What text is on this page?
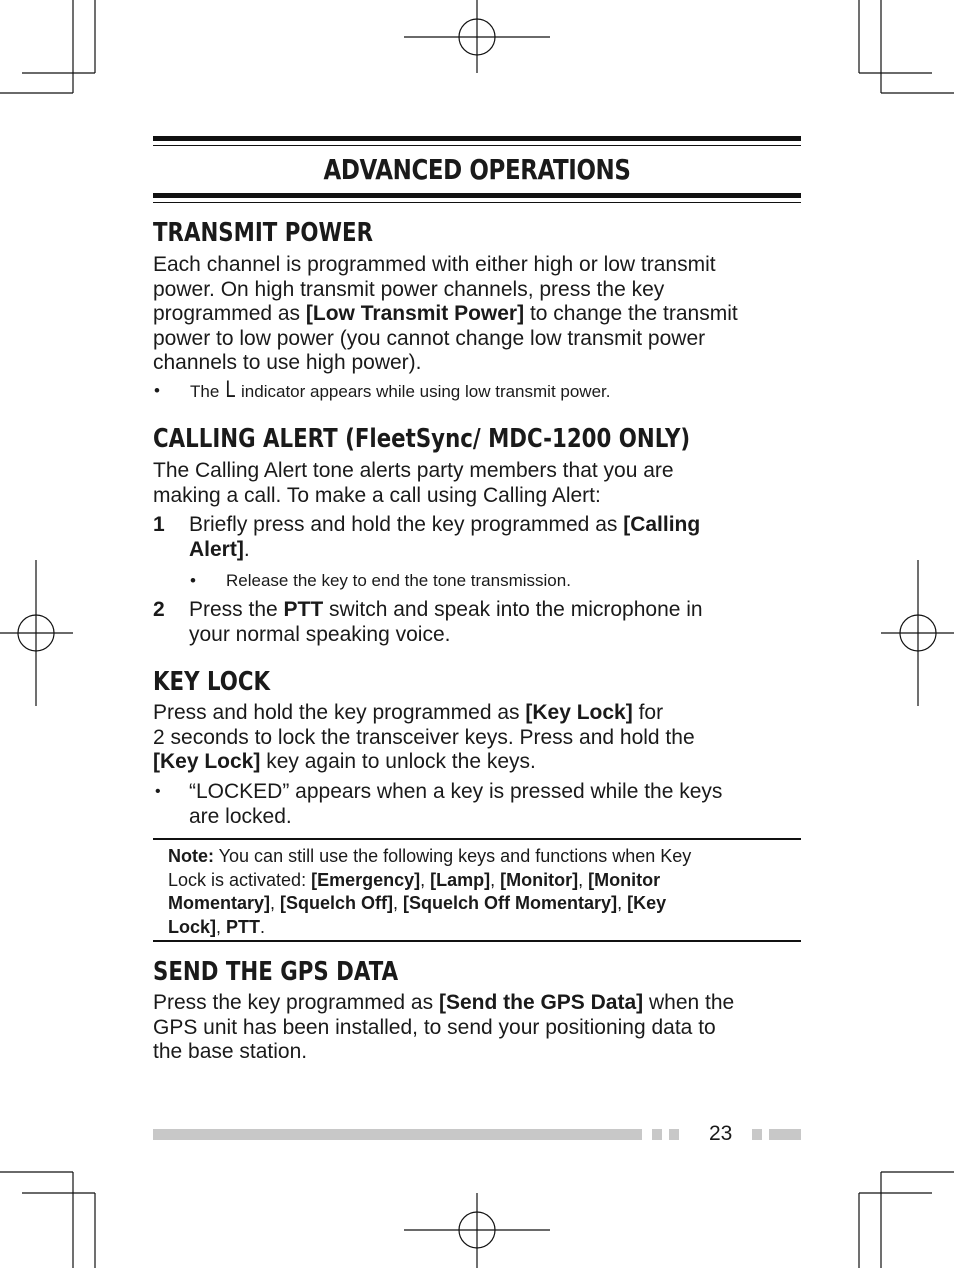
ADVANCED OPERATIONS
TRANSMIT POWER
Each channel is programmed with either high or low transmit
power. On high transmit power channels, press the key
programmed as [Low Transmit Power] to change the transmit
power to low power (you cannot change low transmit power
channels to use high power).
• The L indicator appears while using low transmit power.
CALLING ALERT (FleetSync/ MDC-1200 ONLY)
The Calling Alert tone alerts party members that you are
making a call. To make a call using Calling Alert:
1 Briefly press and hold the key programmed as [Calling
Alert].
• Release the key to end the tone transmission.
2 Press the PTT switch and speak into the microphone in
your normal speaking voice.
KEY LOCK
Press and hold the key programmed as [Key Lock] for
2 seconds to lock the transceiver keys. Press and hold the
[Key Lock] key again to unlock the keys.
• “LOCKED” appears when a key is pressed while the keys
are locked.
Note: You can still use the following keys and functions when Key
Lock is activated: [Emergency], [Lamp], [Monitor], [Monitor
Momentary], [Squelch Off], [Squelch Off Momentary], [Key
Lock], PTT.
SEND THE GPS DATA
Press the key programmed as [Send the GPS Data] when the
GPS unit has been installed, to send your positioning data to
the base station.
23
